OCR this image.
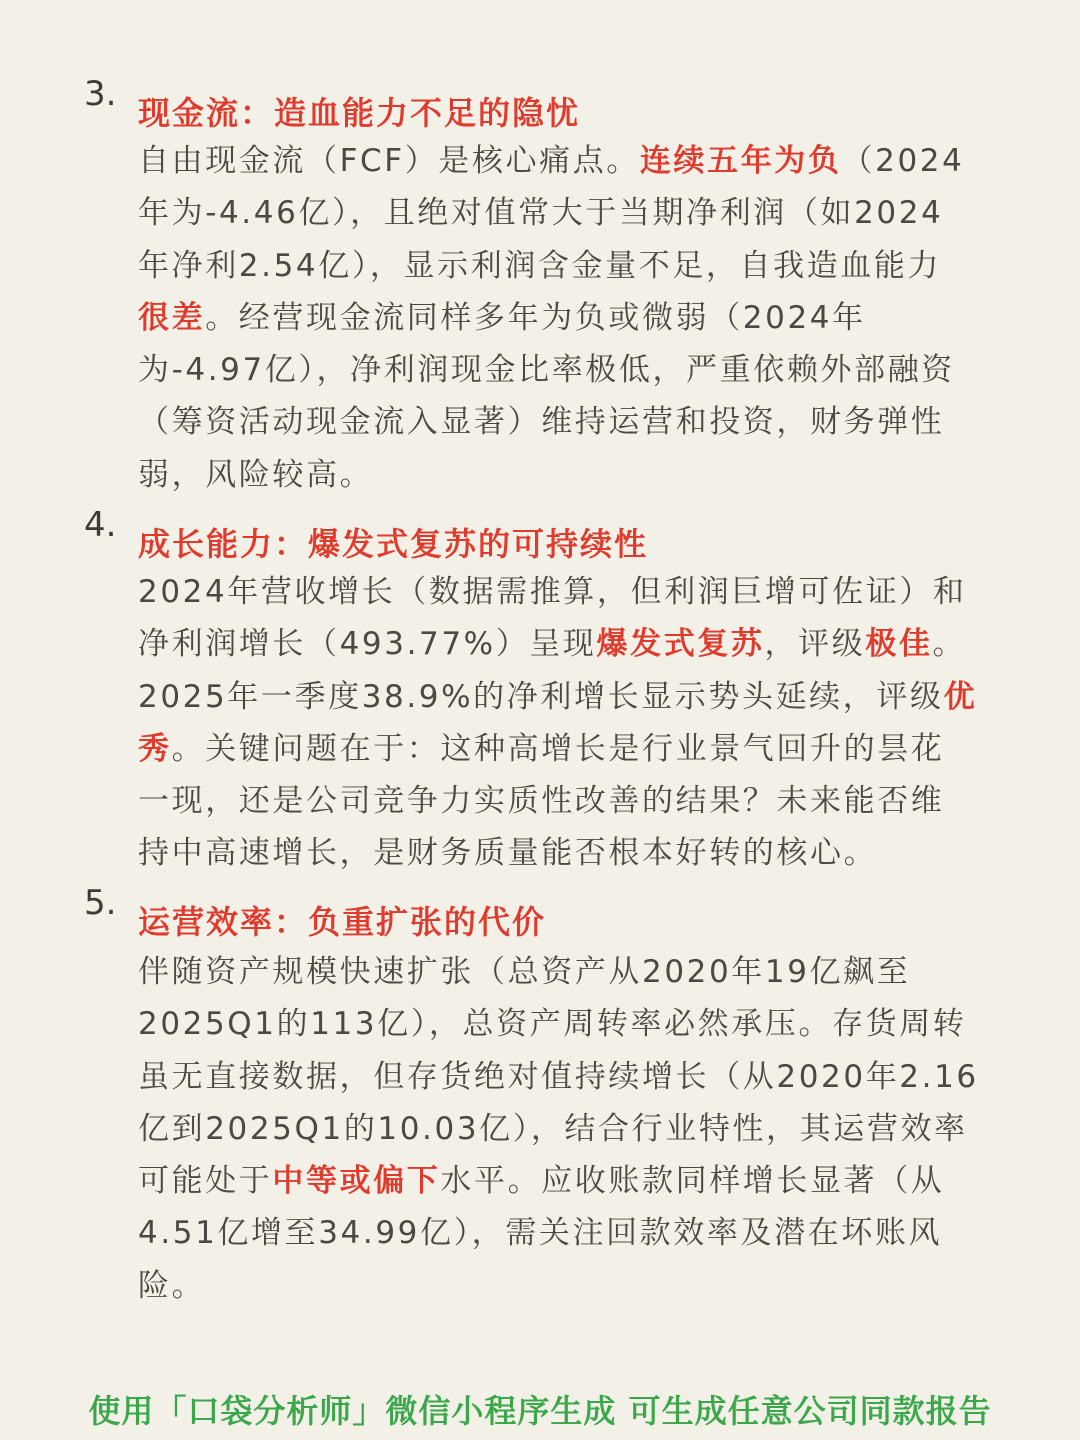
3. 现金流：造血能力不足的隐忧
自由现金流（FCF）是核心痛点。连续五年为负（2024
年为-4.46亿），且绝对值常大于当期净利润（如2024
年净利2.54亿），显示利润含金量不足，自我造血能力
很差。经营现金流同样多年为负或微弱（2024年
为-4.97亿），净利润现金比率极低，严重依赖外部融资
（筹资活动现金流入显著）维持运营和投资，财务弹性
弱，风险较高。
4. 成长能力：爆发式复苏的可持续性
2024年营收增长（数据需推算，但利润巨增可佐证）和
净利润增长（493.77%）呈现爆发式复苏，评级极佳。
2025年一季度38.9%的净利增长显示势头延续，评级优
秀。关键问题在于：这种高增长是行业景气回升的昙花
一现，还是公司竞争力实质性改善的结果？未来能否维
持中高速增长，是财务质量能否根本好转的核心。
5. 运营效率：负重扩张的代价
伴随资产规模快速扩张（总资产从2020年19亿飙至
2025Q1的113亿），总资产周转率必然承压。存货周转
虽无直接数据，但存货绝对值持续增长（从2020年2.16
亿到2025Q1的10.03亿），结合行业特性，其运营效率
可能处于中等或偏下水平。应收账款同样增长显著（从
4.51亿增至34.99亿），需关注回款效率及潜在坏账风
险。
使用「口袋分析师」微信小程序生成 可生成任意公司同款报告
